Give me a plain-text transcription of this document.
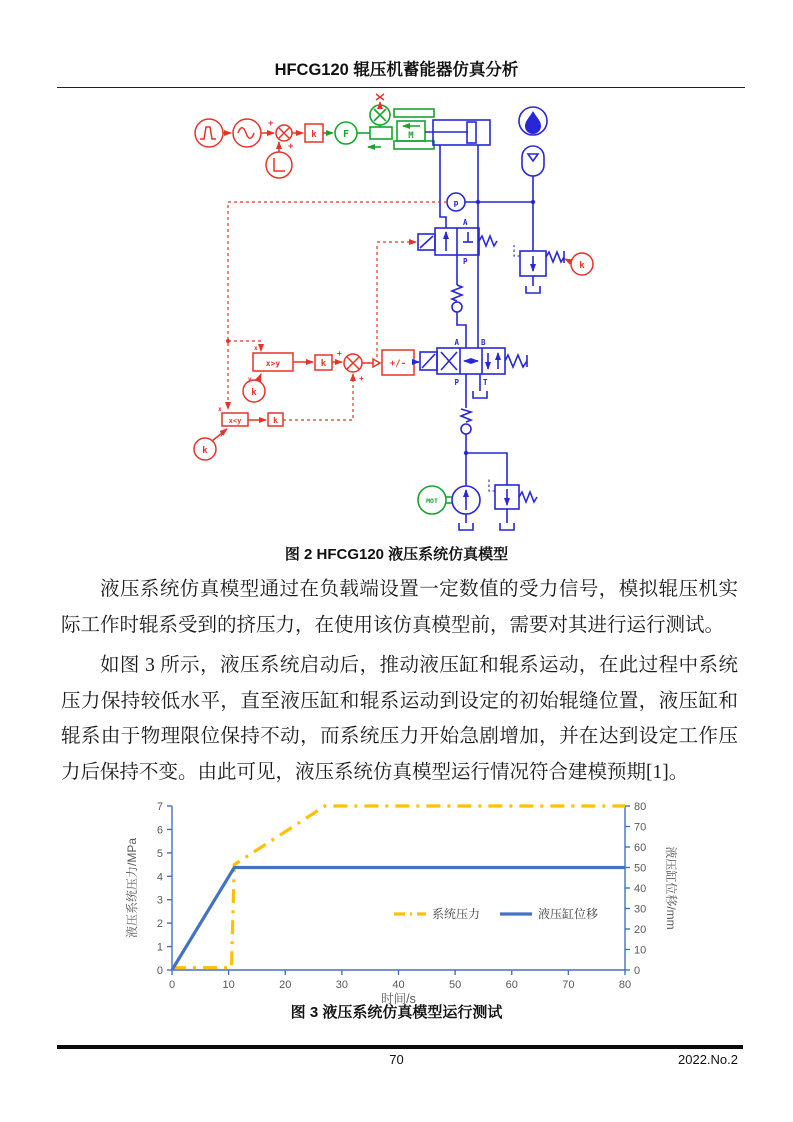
HFCG120 辊压机蓄能器仿真分析
+
k
+
F	M
p
A
P	k
x>y
x
y
k
k
+
+
+/-
x<y
x
y
k
k
A	B
P	T
MOT
图 2 HFCG120 液压系统仿真模型

液压系统仿真模型通过在负载端设置一定数值的受力信号，模拟辊压机实际工作时辊系受到的挤压力，在使用该仿真模型前，需要对其进行运行测试。

如图 3 所示，液压系统启动后，推动液压缸和辊系运动，在此过程中系统压力保持较低水平，直至液压缸和辊系运动到设定的初始辊缝位置，液压缸和辊系由于物理限位保持不动，而系统压力开始急剧增加，并在达到设定工作压力后保持不变。由此可见，液压系统仿真模型运行情况符合建模预期[1]。

0
1
2
3
4
5
6
7
0
10
20
30
40
50
60
70
80
0	10	20	30	40	50	60	70	80
时间/s
液压系统压力/MPa	液压缸位移/mm
系统压力	液压缸位移
图 3 液压系统仿真模型运行测试
70	2022.No.2
